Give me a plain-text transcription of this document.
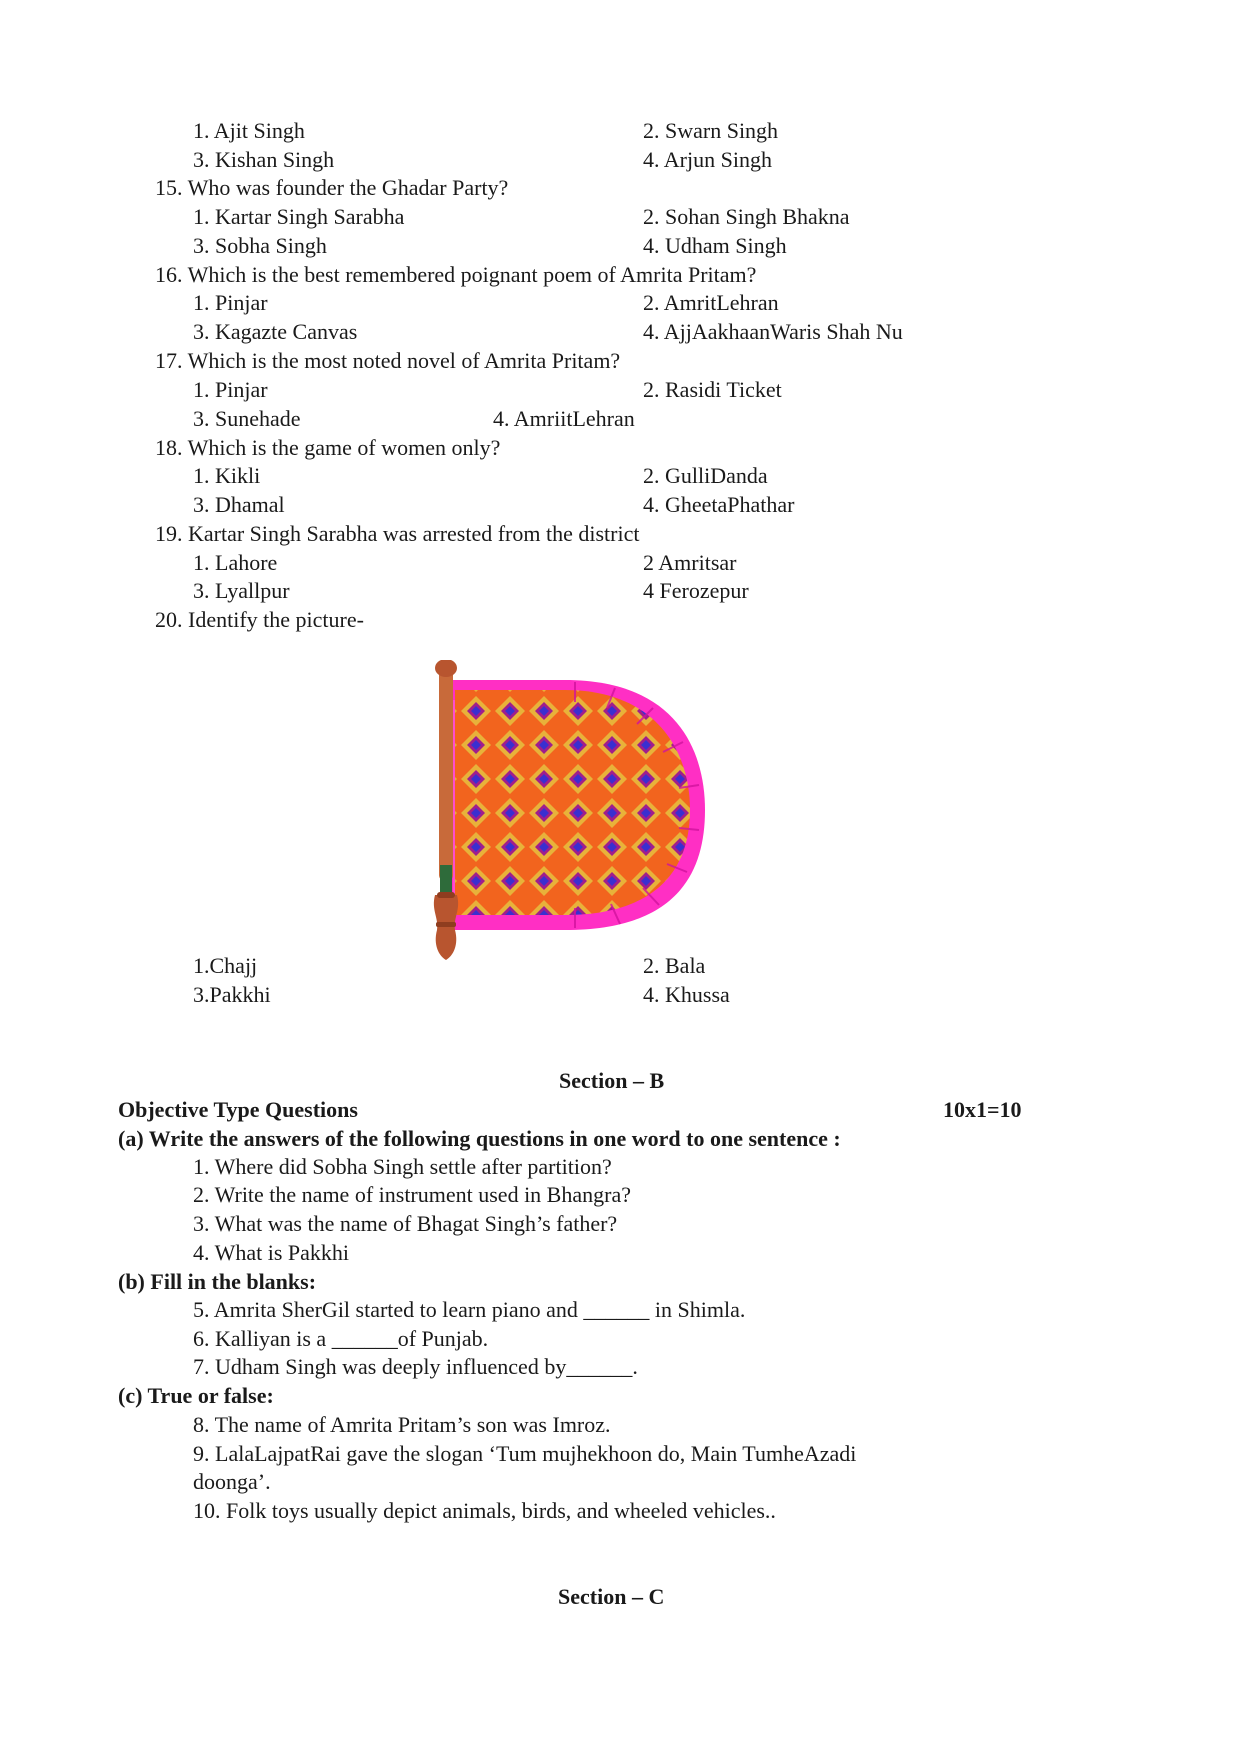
1. Ajit Singh	2. Swarn Singh
3. Kishan Singh	4. Arjun Singh
15. Who was founder the Ghadar Party?
1. Kartar Singh Sarabha	2. Sohan Singh Bhakna
3. Sobha Singh	4. Udham Singh
16. Which is the best remembered poignant poem of Amrita Pritam?
1. Pinjar	2. AmritLehran
3. Kagazte Canvas	4. AjjAakhaanWaris Shah Nu
17. Which is the most noted novel of Amrita Pritam?
1. Pinjar	2. Rasidi Ticket
3. Sunehade	4. AmriitLehran
18. Which is the game of women only?
1. Kikli	2. GulliDanda
3. Dhamal	4. GheetaPhathar
19. Kartar Singh Sarabha was arrested from the district
1. Lahore	2 Amritsar
3. Lyallpur	4 Ferozepur
20. Identify the picture-
1.Chajj	2. Bala
3.Pakkhi	4. Khussa
Section – B
Objective Type Questions	10x1=10
(a) Write the answers of the following questions in one word to one sentence :
1. Where did Sobha Singh settle after partition?
2. Write the name of instrument used in Bhangra?
3. What was the name of Bhagat Singh’s father?
4. What is Pakkhi
(b) Fill in the blanks:
5. Amrita SherGil started to learn piano and ______ in Shimla.
6. Kalliyan is a ______of Punjab.
7. Udham Singh was deeply influenced by______.
(c) True or false:
8. The name of Amrita Pritam’s son was Imroz.
9. LalaLajpatRai gave the slogan ‘Tum mujhekhoon do, Main TumheAzadi
doonga’.
10. Folk toys usually depict animals, birds, and wheeled vehicles..
Section – C
